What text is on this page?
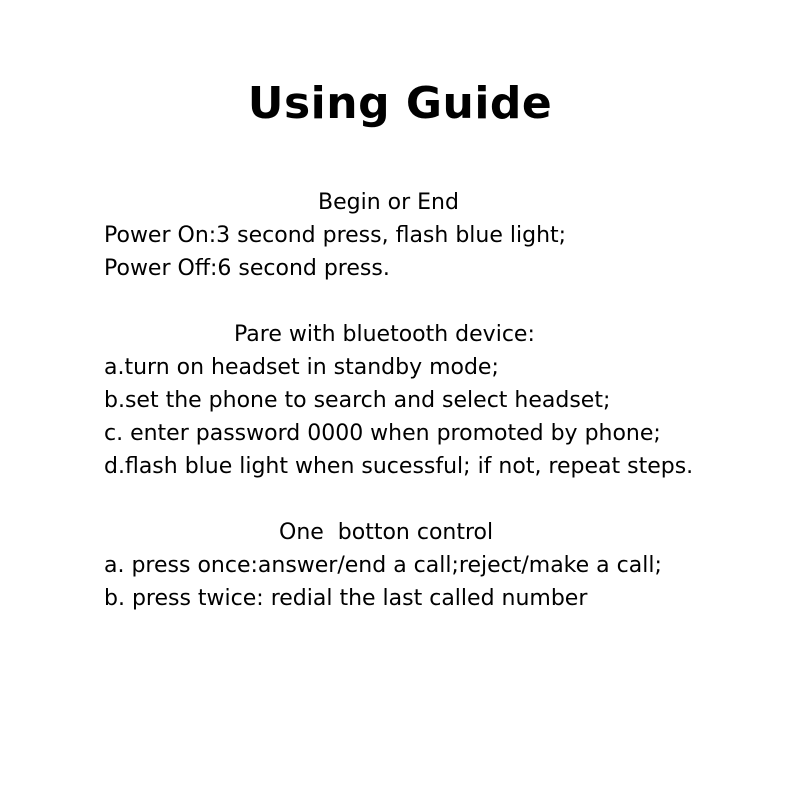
Using Guide
Begin or End
Power On:3 second press, flash blue light;
Power Off:6 second press.
Pare with bluetooth device:
a.turn on headset in standby mode;
b.set the phone to search and select headset;
c. enter password 0000 when promoted by phone;
d.flash blue light when sucessful; if not, repeat steps.
One  botton control
a. press once:answer/end a call;reject/make a call;
b. press twice: redial the last called number
